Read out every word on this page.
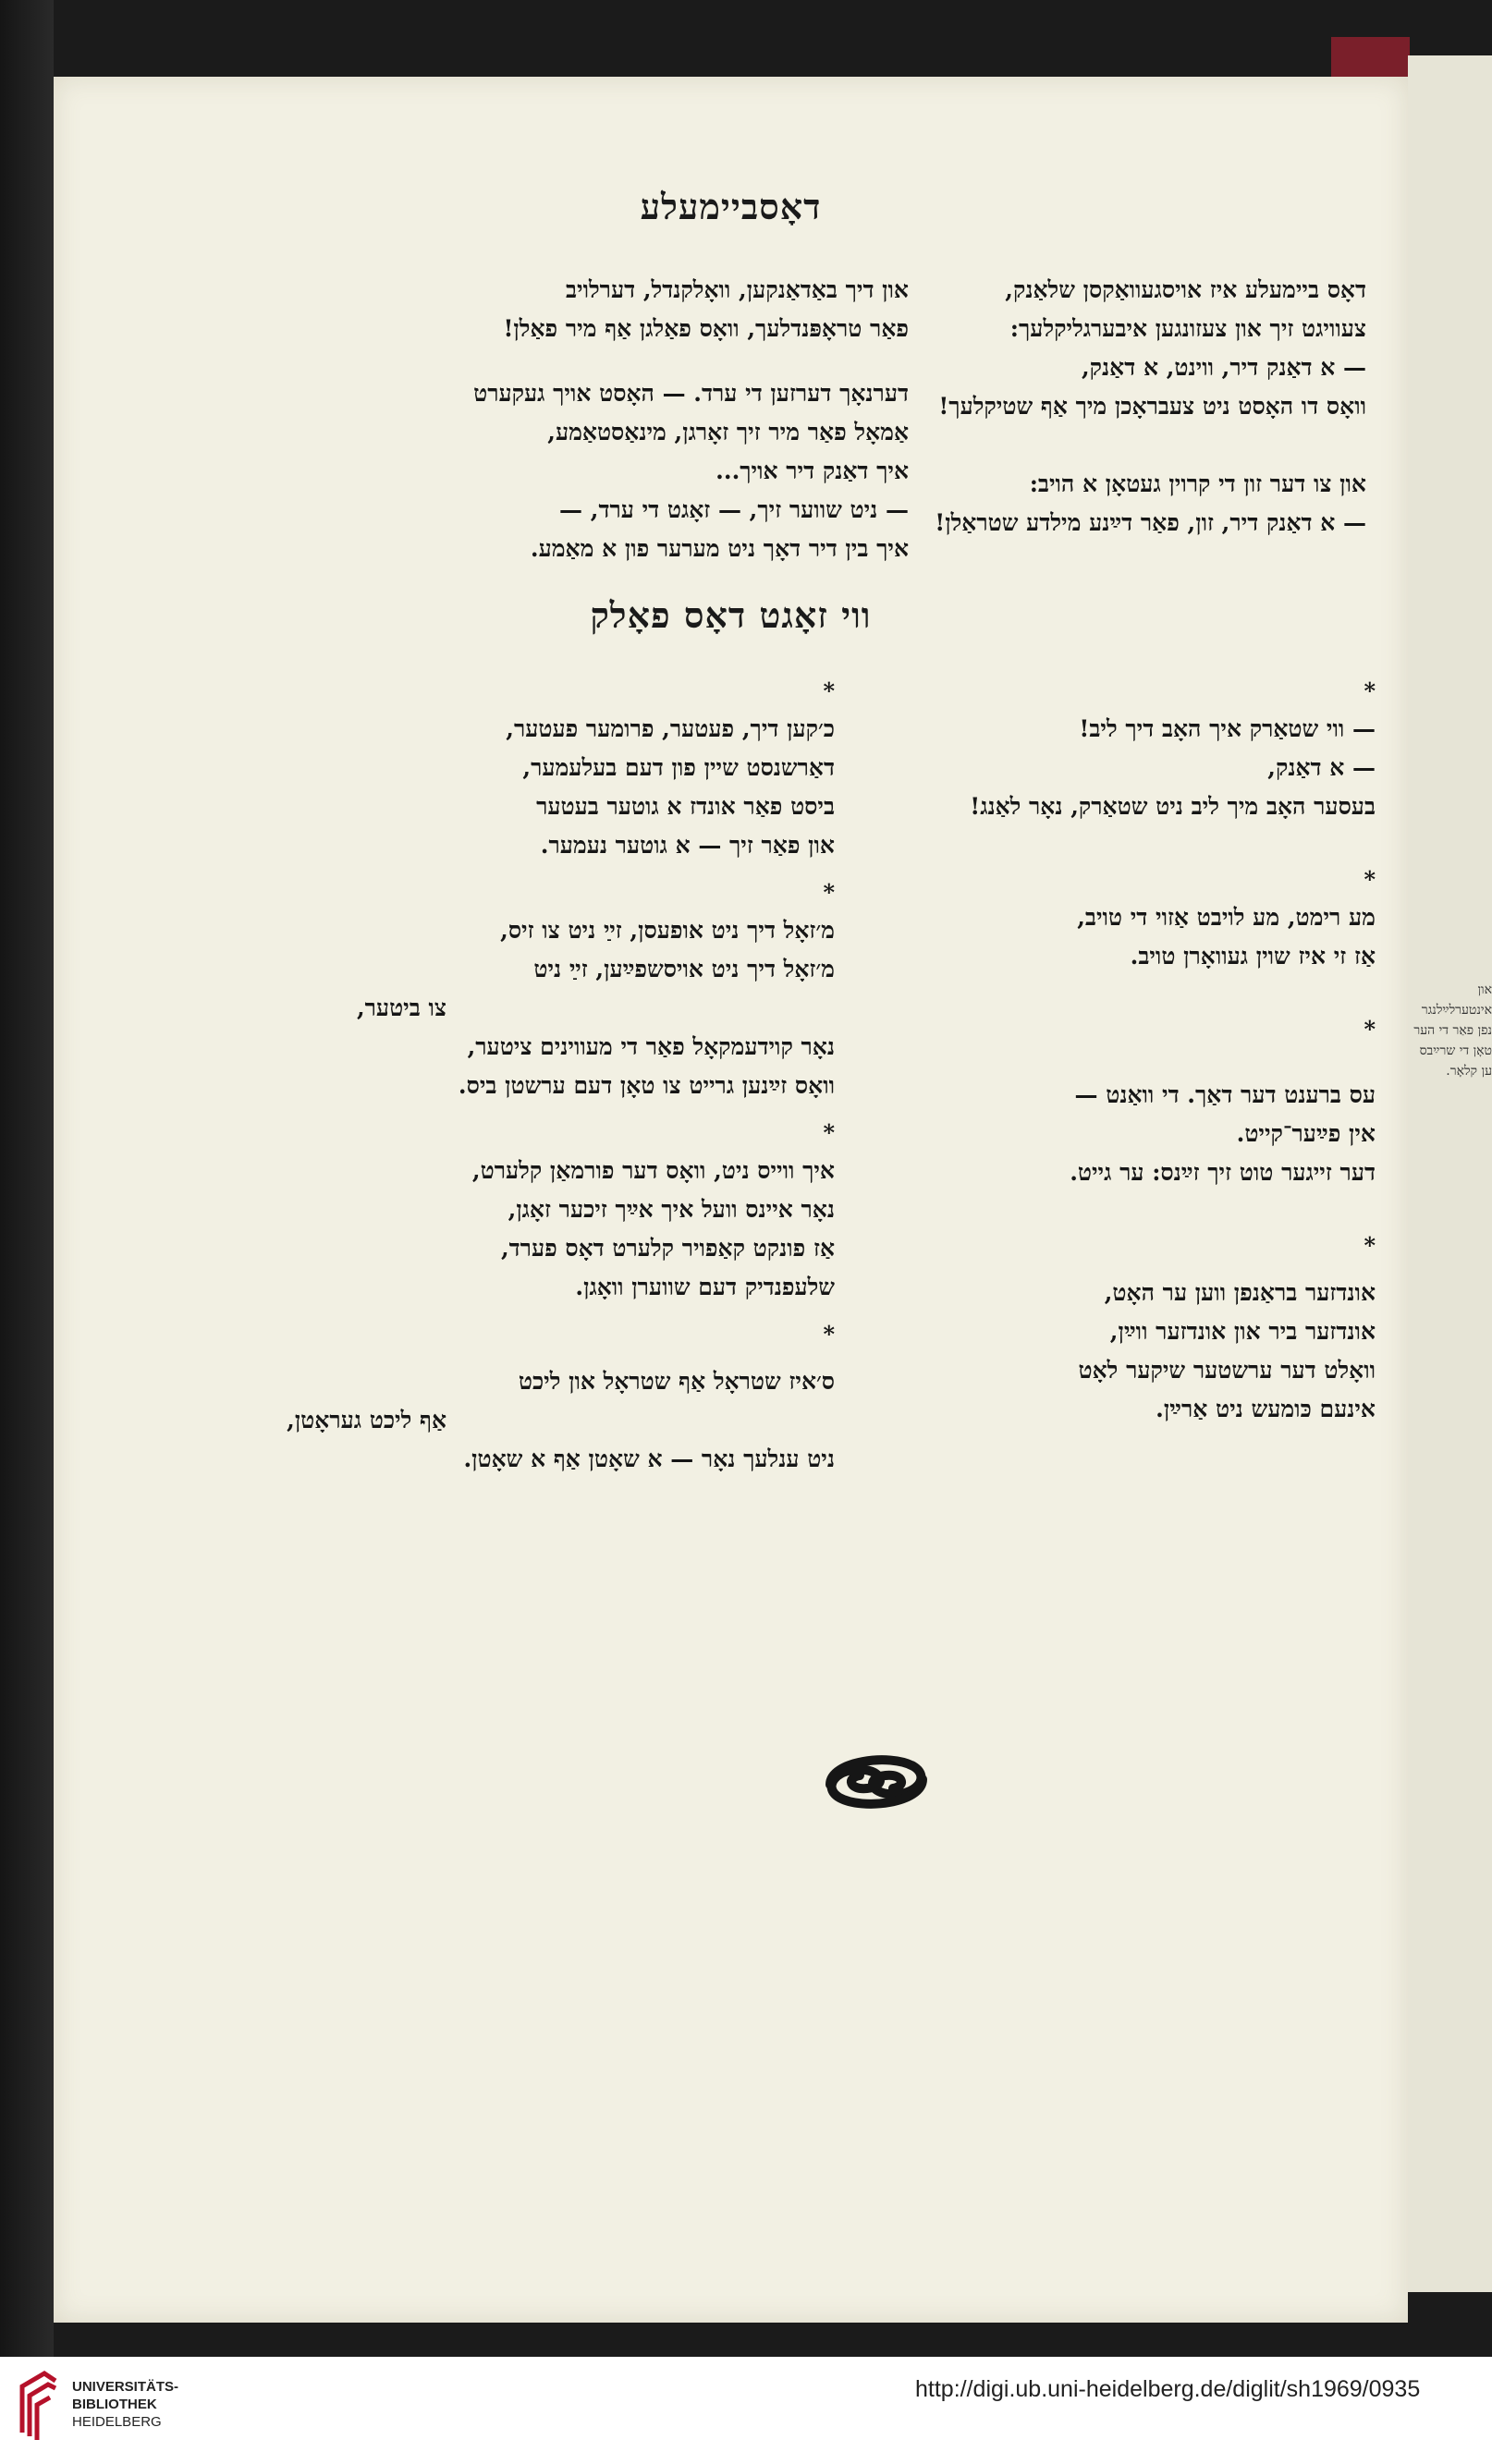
און
אינטערלײַלנגר
נפן פאַר די הער
טאָן די שרײַבס
ען קלאָר.
דאָסביימעלע
דאָס ביימעלע איז אויסגעוואַקסן שלאַנק,
צעוויגט זיך און צעזונגען איבערגליקלעך:
— א דאַנק דיר, ווינט, א דאַנק,
וואָס דו האָסט ניט צעבראָכן מיך אַף שטיקלעך!
און צו דער זון די קרוין געטאָן א הויב:
— א דאַנק דיר, זון, פאַר דײַנע מילדע שטראַלן!
און דיך באַדאַנקען, וואָלקנדל, דערלויב
פאַר טראָפּנדלעך, וואָס פאַלגן אַף מיר פאַלן!
דערנאָך דערזען די ערד. — האָסט אויך געקערט
אַמאָל פאַר מיר זיך זאָרגן, מינאַסטאַמע,
איך דאַנק דיר אויך...
— ניט שווער זיך, — זאָגט די ערד, —
איך בין דיר דאָך ניט מערער פון א מאַמע.
ווי זאָגט דאָס פאָלק
*
— ווי שטאַרק איך האָב דיך ליב!
— א דאַנק,
בעסער האָב מיך ליב ניט שטאַרק, נאָר לאַנג!
*
מע רימט, מע לויבט אַזוי די טויב,
אַז זי איז שוין געוואָרן טויב.
*
עס ברענט דער דאַך. די וואַנט —
אין פײַער־קייט.
דער זייגער טוט זיך זײַנס: ער גייט.
*
אונדזער בראַנפן ווען ער האָט,
אונדזער ביר און אונדזער ווײַן,
וואָלט דער ערשטער שיקער לאָט
אינעם כּומעש ניט אַרײַן.
*
כ׳קען דיך, פעטער, פרומער פעטער,
דאַרשנסט שיין פון דעם בעלעמער,
ביסט פאַר אונדז א גוטער בעטער
און פאַר זיך — א גוטער נעמער.
*
מ׳זאָל דיך ניט אופעסן, זײַ ניט צו זיס,
מ׳זאָל דיך ניט אויסשפײַען, זײַ ניט
צו ביטער,
נאָר קוידעמקאָל פאַר די מעווינים ציטער,
וואָס זײַנען גרייט צו טאָן דעם ערשטן ביס.
*
איך ווייס ניט, וואָס דער פורמאַן קלערט,
נאָר איינס וועל איך אײַך זיכער זאָגן,
אַז פונקט קאַפויר קלערט דאָס פערד,
שלעפנדיק דעם שווערן וואָגן.
*
ס׳איז שטראָל אַף שטראָל און ליכט
אַף ליכט געראָטן,
ניט ענלעך נאָר — א שאָטן אַף א שאָטן.
UNIVERSITÄTS-
BIBLIOTHEK
HEIDELBERG
http://digi.ub.uni-heidelberg.de/diglit/sh1969/0935
